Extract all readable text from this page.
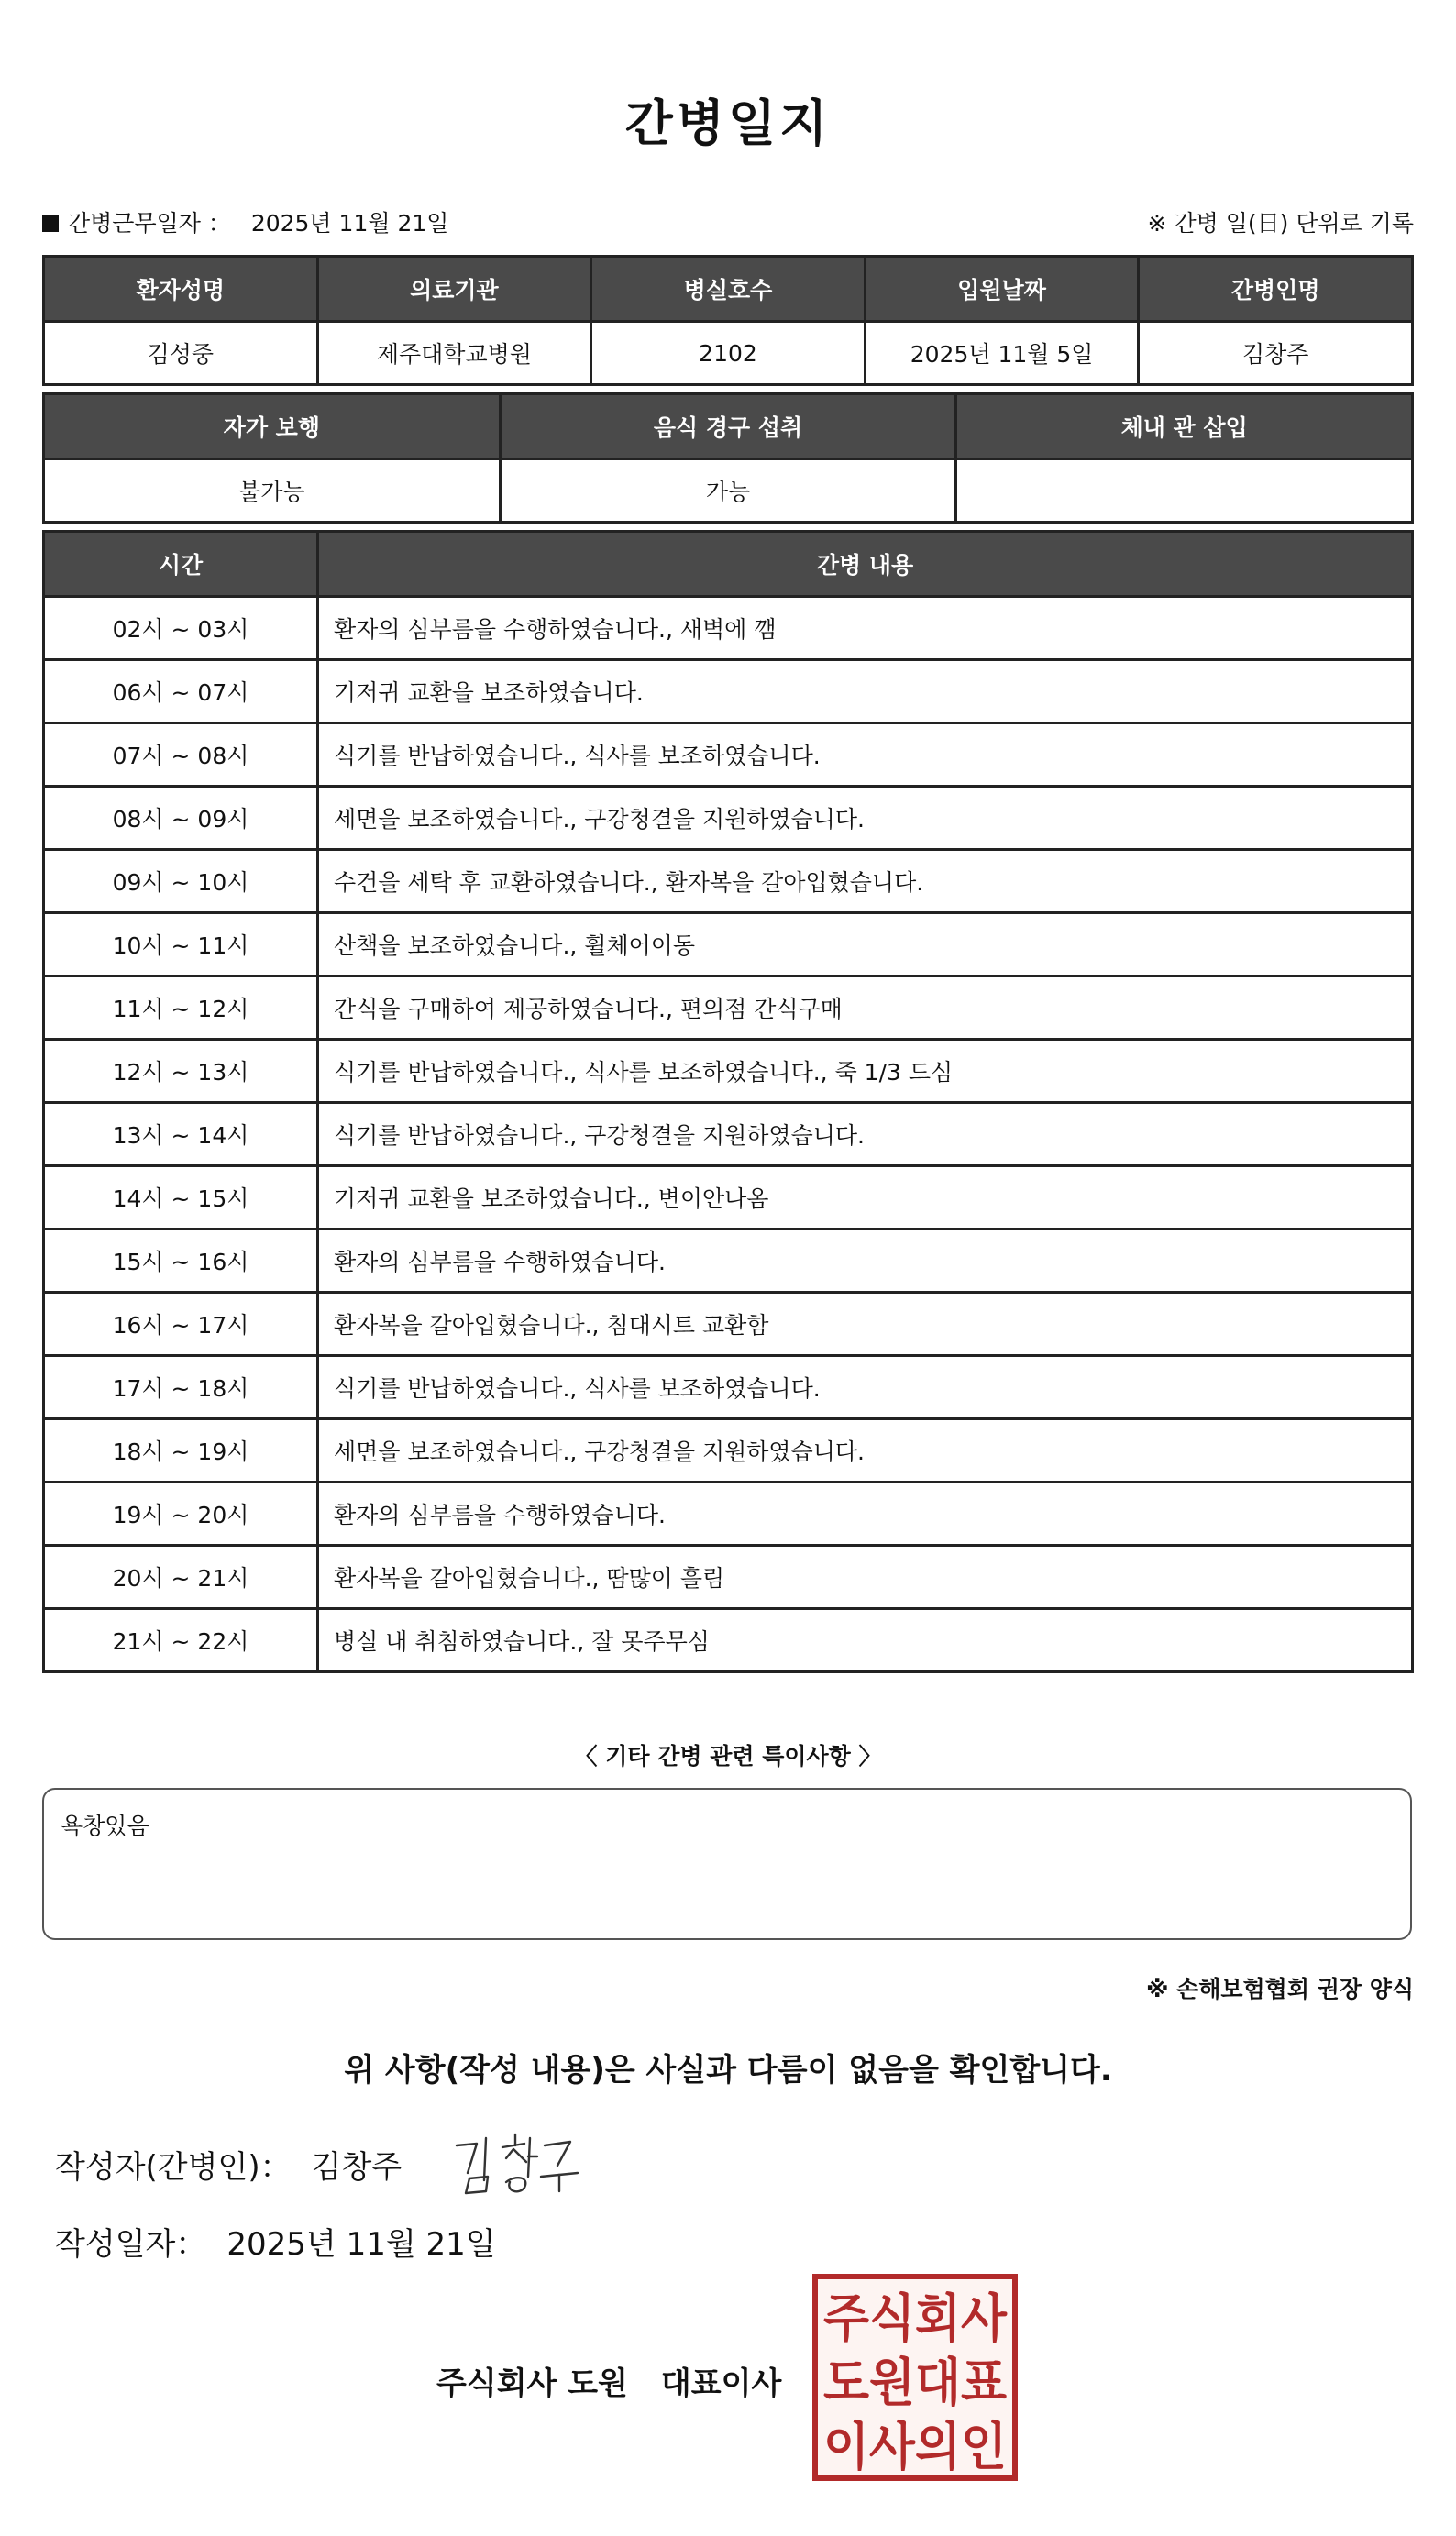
간병일지
간병근무일자 ： 2025년 11월 21일	※ 간병 일(日) 단위로 기록
환자성명	의료기관	병실호수	입원날짜	간병인명
김성중	제주대학교병원	2102	2025년 11월 5일	김창주
자가 보행	음식 경구 섭취	체내 관 삽입
불가능	가능	
시간	간병 내용
02시 ~ 03시	환자의 심부름을 수행하였습니다., 새벽에 깸
06시 ~ 07시	기저귀 교환을 보조하였습니다.
07시 ~ 08시	식기를 반납하였습니다., 식사를 보조하였습니다.
08시 ~ 09시	세면을 보조하였습니다., 구강청결을 지원하였습니다.
09시 ~ 10시	수건을 세탁 후 교환하였습니다., 환자복을 갈아입혔습니다.
10시 ~ 11시	산책을 보조하였습니다., 휠체어이동
11시 ~ 12시	간식을 구매하여 제공하였습니다., 편의점 간식구매
12시 ~ 13시	식기를 반납하였습니다., 식사를 보조하였습니다., 죽 1/3 드심
13시 ~ 14시	식기를 반납하였습니다., 구강청결을 지원하였습니다.
14시 ~ 15시	기저귀 교환을 보조하였습니다., 변이안나옴
15시 ~ 16시	환자의 심부름을 수행하였습니다.
16시 ~ 17시	환자복을 갈아입혔습니다., 침대시트 교환함
17시 ~ 18시	식기를 반납하였습니다., 식사를 보조하였습니다.
18시 ~ 19시	세면을 보조하였습니다., 구강청결을 지원하였습니다.
19시 ~ 20시	환자의 심부름을 수행하였습니다.
20시 ~ 21시	환자복을 갈아입혔습니다., 땀많이 흘림
21시 ~ 22시	병실 내 취침하였습니다., 잘 못주무심
〈 기타 간병 관련 특이사항 〉
욕창있음
※ 손해보험협회 권장 양식
위 사항(작성 내용)은 사실과 다름이 없음을 확인합니다.
작성자(간병인)： 김창주
작성일자： 2025년 11월 21일
주식회사 도원 대표이사
주식회사
도원대표
이사의인
